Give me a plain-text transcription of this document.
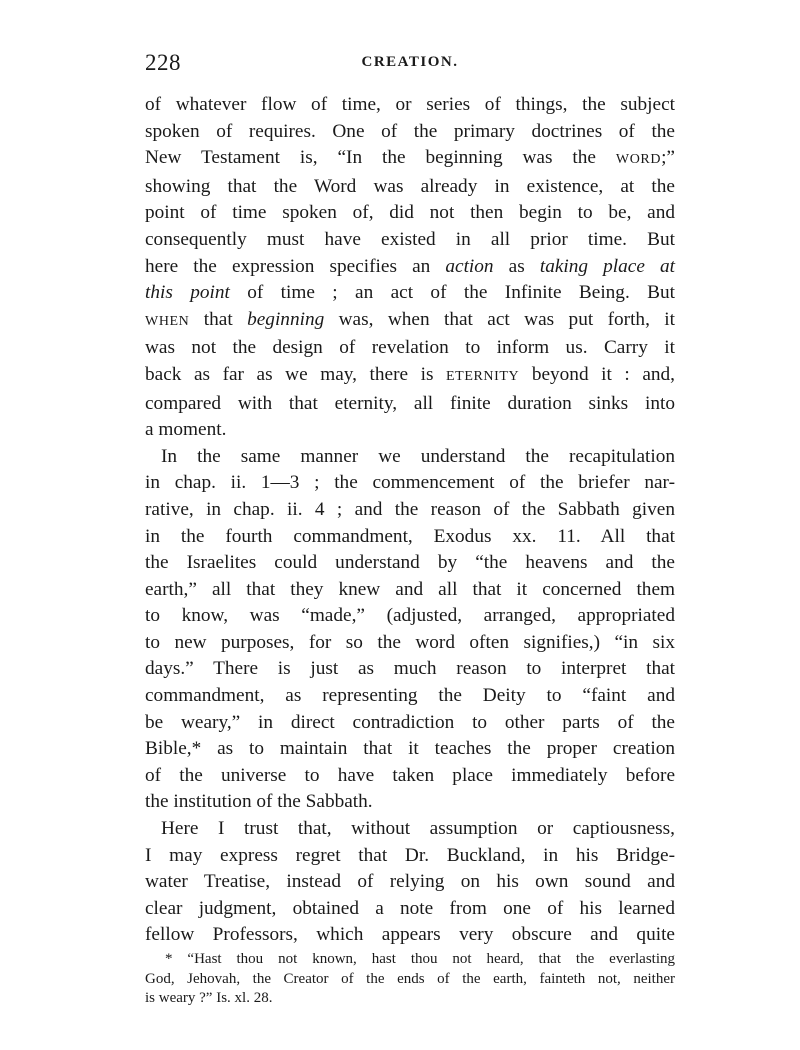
228	CREATION.
of whatever flow of time, or series of things, the subject
spoken of requires. One of the primary doctrines of the
New Testament is, “In the beginning was the WORD;”
showing that the Word was already in existence, at the
point of time spoken of, did not then begin to be, and
consequently must have existed in all prior time. But
here the expression specifies an action as taking place at
this point of time ; an act of the Infinite Being. But
WHEN that beginning was, when that act was put forth, it
was not the design of revelation to inform us. Carry it
back as far as we may, there is ETERNITY beyond it : and,
compared with that eternity, all finite duration sinks into
a moment.
In the same manner we understand the recapitulation
in chap. ii. 1—3 ; the commencement of the briefer nar-
rative, in chap. ii. 4 ; and the reason of the Sabbath given
in the fourth commandment, Exodus xx. 11. All that
the Israelites could understand by “the heavens and the
earth,” all that they knew and all that it concerned them
to know, was “made,” (adjusted, arranged, appropriated
to new purposes, for so the word often signifies,) “in six
days.” There is just as much reason to interpret that
commandment, as representing the Deity to “faint and
be weary,” in direct contradiction to other parts of the
Bible,* as to maintain that it teaches the proper creation
of the universe to have taken place immediately before
the institution of the Sabbath.
Here I trust that, without assumption or captiousness,
I may express regret that Dr. Buckland, in his Bridge-
water Treatise, instead of relying on his own sound and
clear judgment, obtained a note from one of his learned
fellow Professors, which appears very obscure and quite
* “Hast thou not known, hast thou not heard, that the everlasting
God, Jehovah, the Creator of the ends of the earth, fainteth not, neither
is weary ?” Is. xl. 28.
